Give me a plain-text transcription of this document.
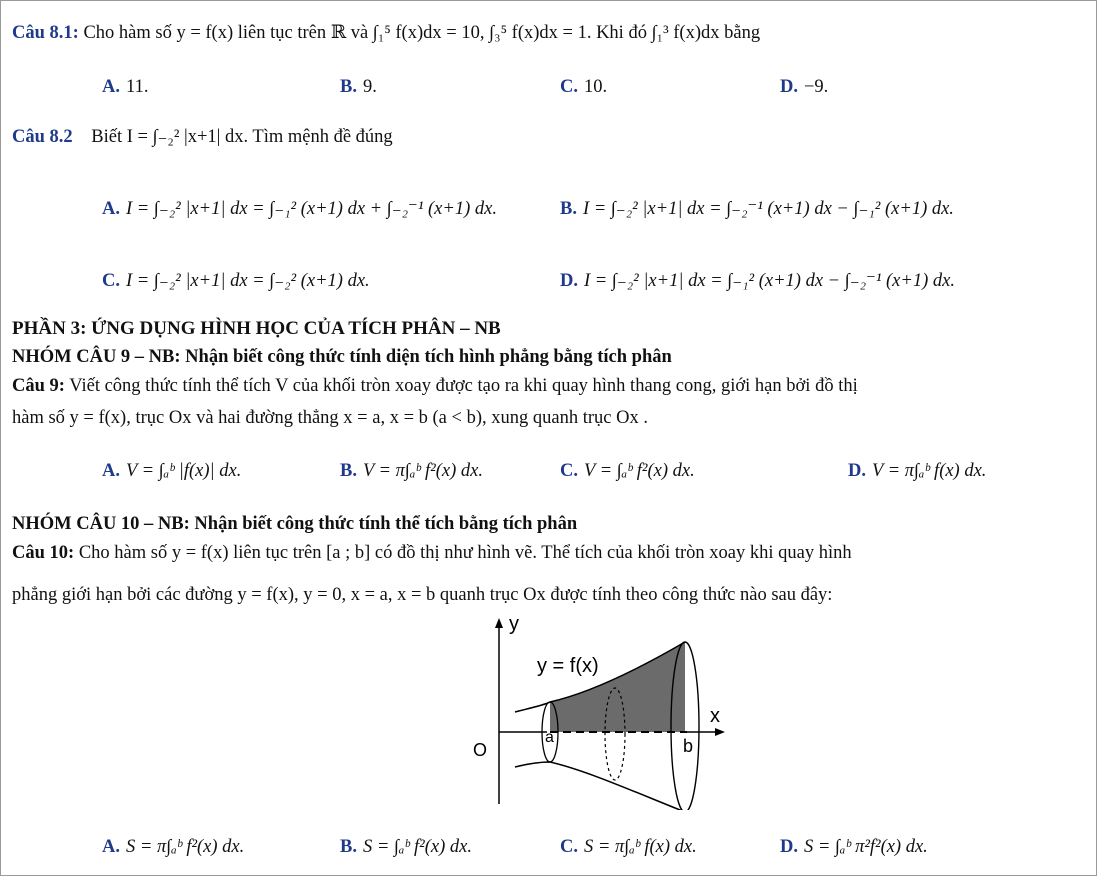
Câu 8.1: Cho hàm số y = f(x) liên tục trên ℝ và ∫₁⁵ f(x)dx = 10, ∫₃⁵ f(x)dx = 1. Khi đó ∫₁³ f(x)dx bằng
A. 11.	B. 9.	C. 10.	D. −9.
Câu 8.2 Biết I = ∫₋₂² |x+1| dx. Tìm mệnh đề đúng
A. I = ∫₋₂² |x+1| dx = ∫₋₁² (x+1) dx + ∫₋₂⁻¹ (x+1) dx.	B. I = ∫₋₂² |x+1| dx = ∫₋₂⁻¹ (x+1) dx − ∫₋₁² (x+1) dx.
C. I = ∫₋₂² |x+1| dx = ∫₋₂² (x+1) dx.	D. I = ∫₋₂² |x+1| dx = ∫₋₁² (x+1) dx − ∫₋₂⁻¹ (x+1) dx.
PHẦN 3: ỨNG DỤNG HÌNH HỌC CỦA TÍCH PHÂN – NB
NHÓM CÂU 9 – NB: Nhận biết công thức tính diện tích hình phẳng bằng tích phân
Câu 9: Viết công thức tính thể tích V của khối tròn xoay được tạo ra khi quay hình thang cong, giới hạn bởi đồ thị
hàm số y = f(x), trục Ox và hai đường thẳng x = a, x = b (a < b), xung quanh trục Ox .
A. V = ∫ₐᵇ |f(x)| dx.	B. V = π∫ₐᵇ f²(x) dx.	C. V = ∫ₐᵇ f²(x) dx.	D. V = π∫ₐᵇ f(x) dx.
NHÓM CÂU 10 – NB: Nhận biết công thức tính thể tích bằng tích phân
Câu 10: Cho hàm số y = f(x) liên tục trên [a ; b] có đồ thị như hình vẽ. Thể tích của khối tròn xoay khi quay hình
phẳng giới hạn bởi các đường y = f(x), y = 0, x = a, x = b quanh trục Ox được tính theo công thức nào sau đây:
y
x
y = f(x)
O
a	b
A. S = π∫ₐᵇ f²(x) dx.	B. S = ∫ₐᵇ f²(x) dx.	C. S = π∫ₐᵇ f(x) dx.	D. S = ∫ₐᵇ π²f²(x) dx.
